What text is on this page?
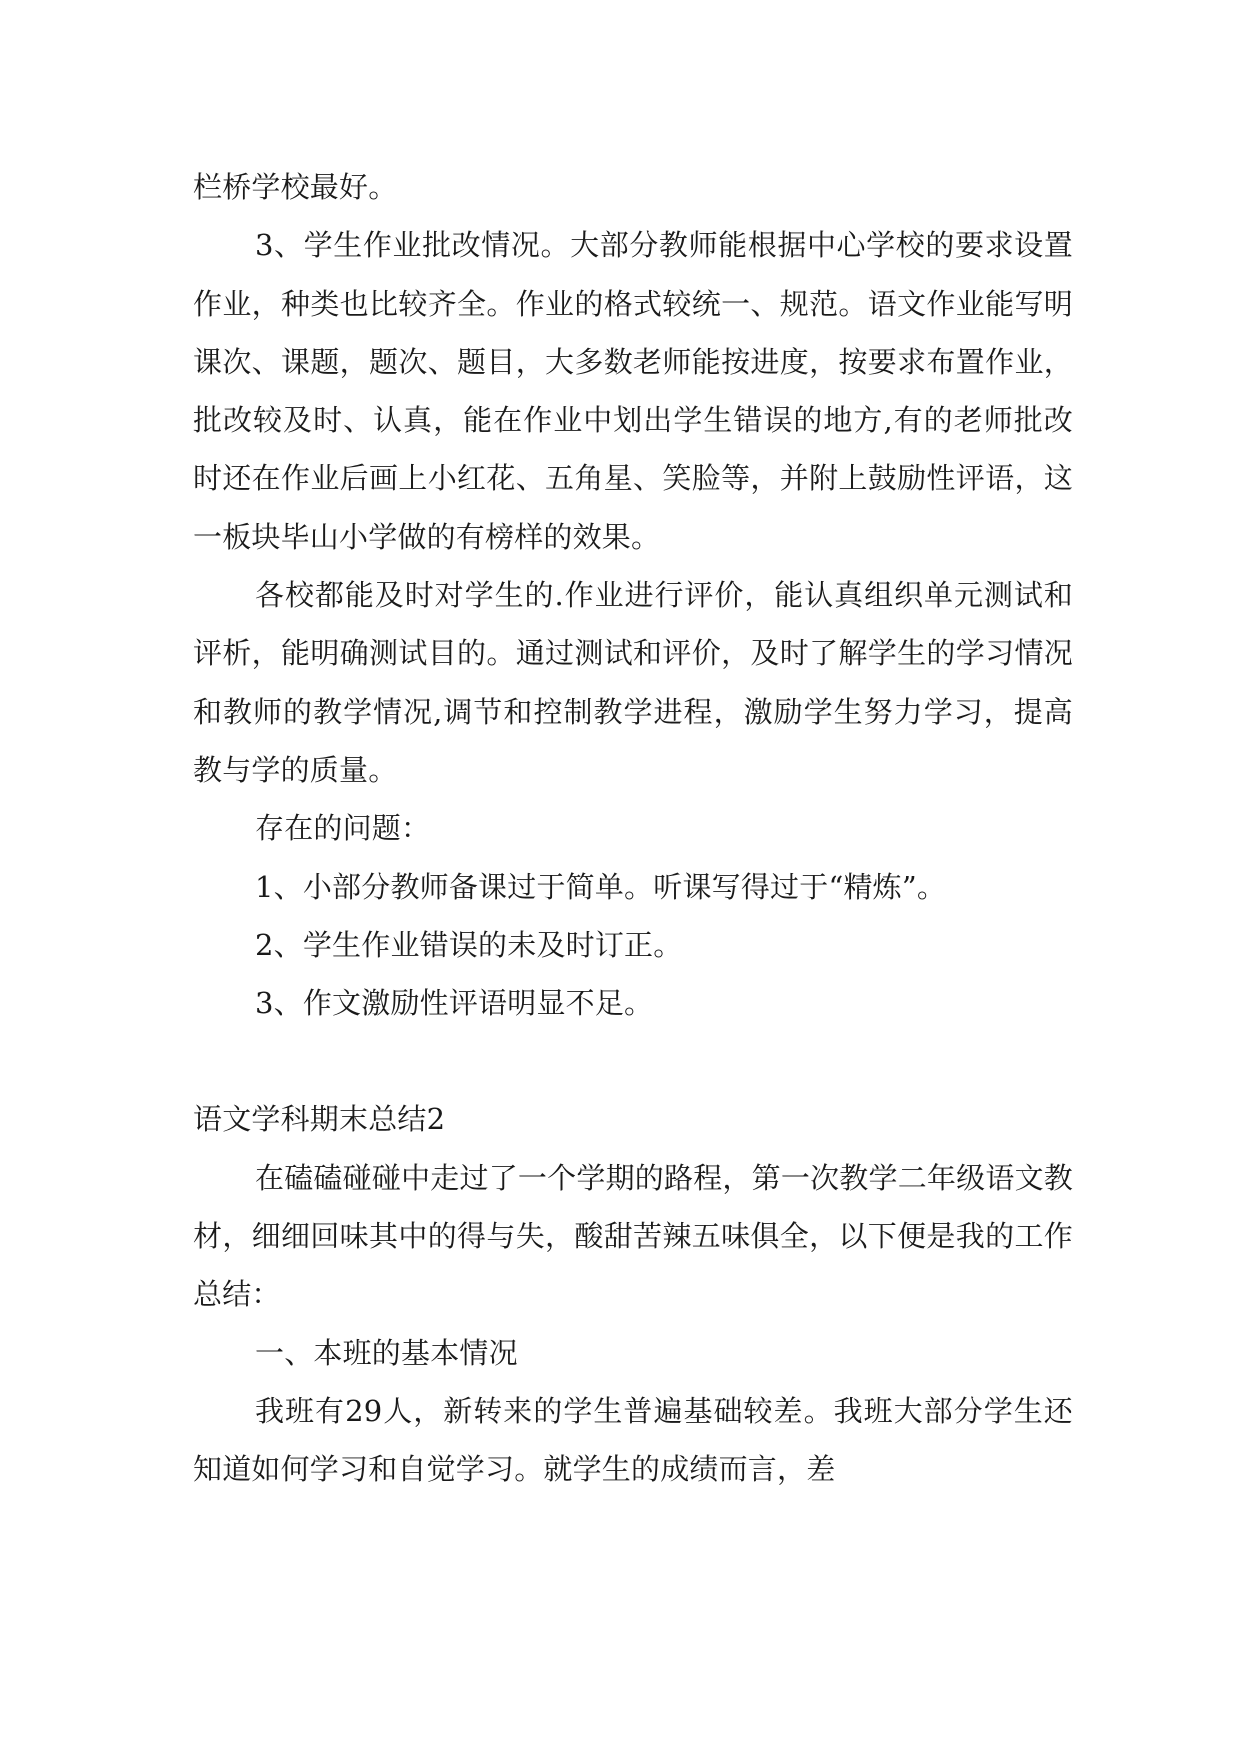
栏桥学校最好。

3、学生作业批改情况。大部分教师能根据中心学校的要求设置作业，种类也比较齐全。作业的格式较统一、规范。语文作业能写明课次、课题，题次、题目，大多数老师能按进度，按要求布置作业，批改较及时、认真，能在作业中划出学生错误的地方,有的老师批改时还在作业后画上小红花、五角星、笑脸等，并附上鼓励性评语，这一板块毕山小学做的有榜样的效果。

各校都能及时对学生的.作业进行评价，能认真组织单元测试和评析，能明确测试目的。通过测试和评价，及时了解学生的学习情况和教师的教学情况,调节和控制教学进程，激励学生努力学习，提高教与学的质量。

存在的问题：

1、小部分教师备课过于简单。听课写得过于“精炼”。

2、学生作业错误的未及时订正。

3、作文激励性评语明显不足。

语文学科期末总结2

在磕磕碰碰中走过了一个学期的路程，第一次教学二年级语文教材，细细回味其中的得与失，酸甜苦辣五味俱全，以下便是我的工作总结：

一、本班的基本情况

我班有29人，新转来的学生普遍基础较差。我班大部分学生还知道如何学习和自觉学习。就学生的成绩而言，差
